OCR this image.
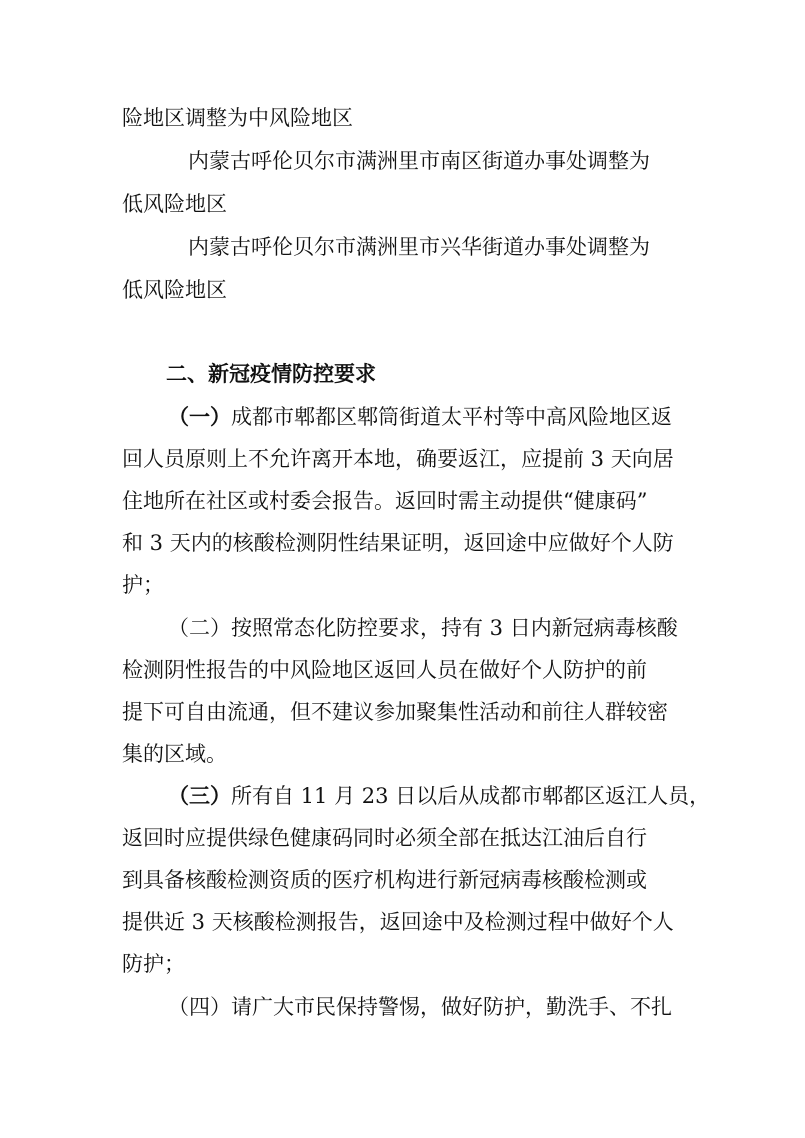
险地区调整为中风险地区
内蒙古呼伦贝尔市满洲里市南区街道办事处调整为
低风险地区
内蒙古呼伦贝尔市满洲里市兴华街道办事处调整为
低风险地区
二、新冠疫情防控要求
（一）成都市郫都区郫筒街道太平村等中高风险地区返
回人员原则上不允许离开本地，确要返江，应提前 3 天向居
住地所在社区或村委会报告。返回时需主动提供“健康码”
和 3 天内的核酸检测阴性结果证明，返回途中应做好个人防
护；
（二）按照常态化防控要求，持有 3 日内新冠病毒核酸
检测阴性报告的中风险地区返回人员在做好个人防护的前
提下可自由流通，但不建议参加聚集性活动和前往人群较密
集的区域。
（三）所有自 11 月 23 日以后从成都市郫都区返江人员，
返回时应提供绿色健康码同时必须全部在抵达江油后自行
到具备核酸检测资质的医疗机构进行新冠病毒核酸检测或
提供近 3 天核酸检测报告，返回途中及检测过程中做好个人
防护；
（四）请广大市民保持警惕，做好防护，勤洗手、不扎
